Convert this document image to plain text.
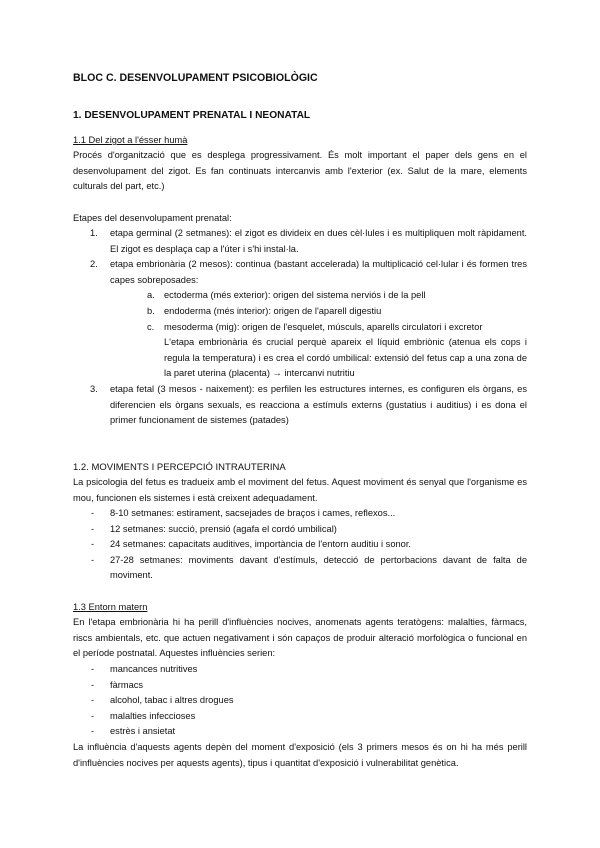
BLOC C. DESENVOLUPAMENT PSICOBIOLÒGIC
1. DESENVOLUPAMENT PRENATAL I NEONATAL
1.1 Del zigot a l'ésser humà

Procés d'organització que es desplega progressivament. És molt important el paper dels gens en el desenvolupament del zigot. Es fan continuats intercanvis amb l'exterior (ex. Salut de la mare, elements culturals del part, etc.)

Etapes del desenvolupament prenatal:
1. etapa germinal (2 setmanes): el zigot es divideix en dues cèl·lules i es multipliquen molt ràpidament. El zigot es desplaça cap a l'úter i s'hi instal·la.
2. etapa embrionària (2 mesos): continua (bastant accelerada) la multiplicació cel·lular i és formen tres capes sobreposades:
a. ectoderma (més exterior): origen del sistema nerviós i de la pell
b. endoderma (més interior): origen de l'aparell digestiu
c. mesoderma (mig): origen de l'esquelet, músculs, aparells circulatori i excretor
L'etapa embrionària és crucial perquè apareix el líquid embriònic (atenua els cops i regula la temperatura) i es crea el cordó umbilical: extensió del fetus cap a una zona de la paret uterina (placenta) → intercanvi nutritiu
3. etapa fetal (3 mesos - naixement): es perfilen les estructures internes, es configuren els òrgans, es diferencien els òrgans sexuals, es reacciona a estímuls externs (gustatius i auditius) i es dona el primer funcionament de sistemes (patades)
1.2. MOVIMENTS I PERCEPCIÓ INTRAUTERINA

La psicologia del fetus es tradueix amb el moviment del fetus. Aquest moviment és senyal que l'organisme es mou, funcionen els sistemes i està creixent adequadament.

- 8-10 setmanes: estirament, sacsejades de braços i cames, reflexos...
- 12 setmanes: succió, prensió (agafa el cordó umbilical)
- 24 setmanes: capacitats auditives, importància de l'entorn auditiu i sonor.
- 27-28 setmanes: moviments davant d'estímuls, detecció de pertorbacions davant de falta de moviment.
1.3 Entorn matern

En l'etapa embrionària hi ha perill d'influències nocives, anomenats agents teratògens: malalties, fàrmacs, riscs ambientals, etc. que actuen negativament i són capaços de produir alteració morfològica o funcional en el període postnatal. Aquestes influències serien:

- mancances nutritives
- fàrmacs
- alcohol, tabac i altres drogues
- malalties infeccioses
- estrès i ansietat

La influència d'aquests agents depèn del moment d'exposició (els 3 primers mesos és on hi ha més perill d'influències nocives per aquests agents), tipus i quantitat d'exposició i vulnerabilitat genètica.
